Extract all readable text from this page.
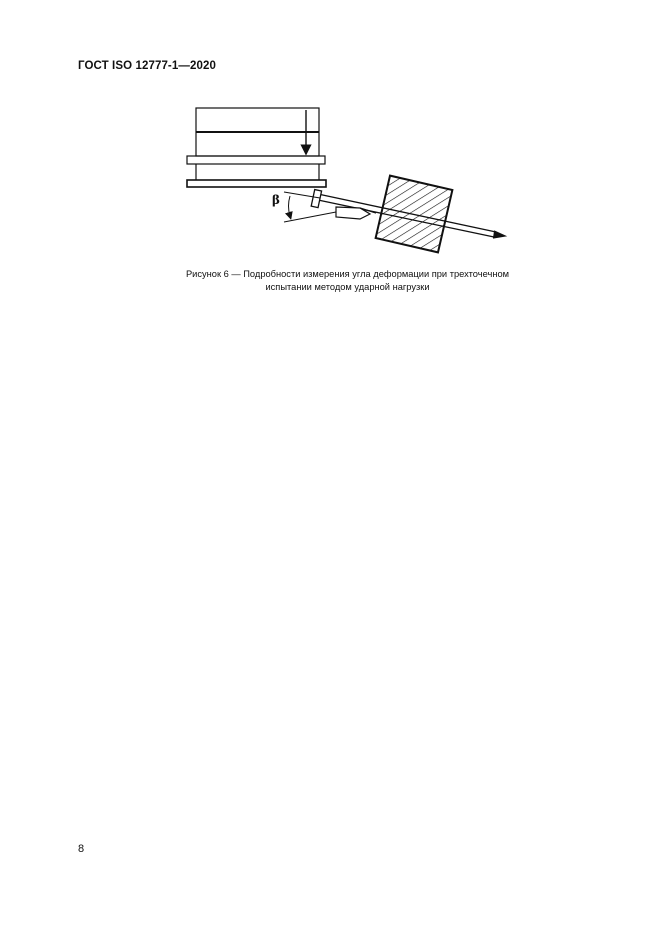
ГОСТ ISO 12777-1—2020
β
Рисунок 6 — Подробности измерения угла деформации при трехточечном
испытании методом ударной нагрузки
8
